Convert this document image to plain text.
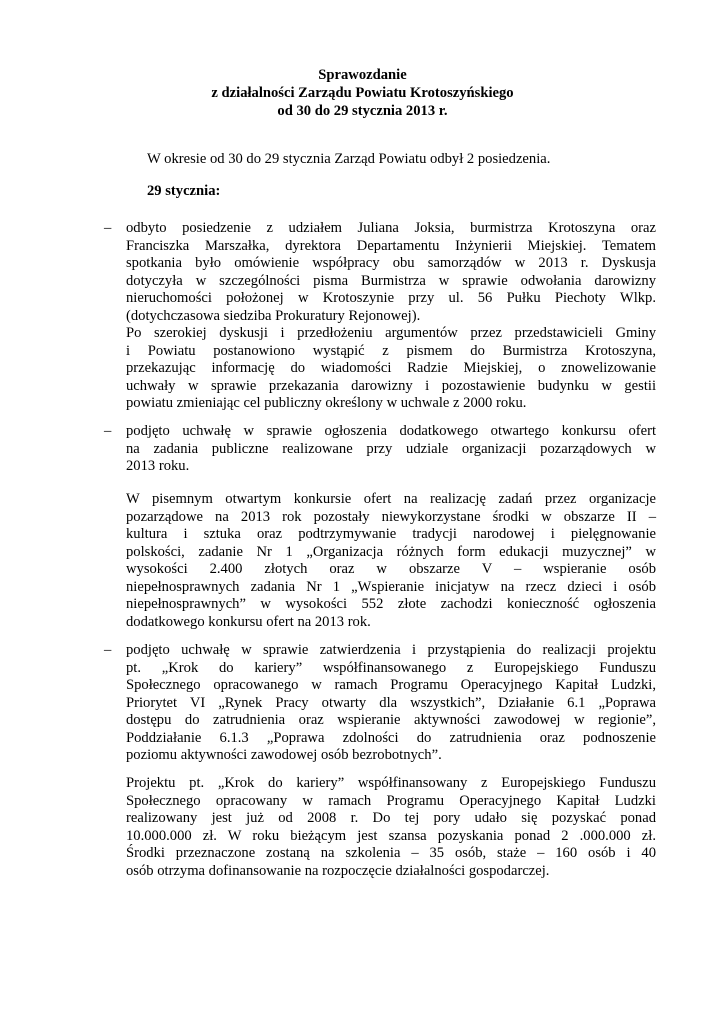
Sprawozdanie
z działalności Zarządu Powiatu Krotoszyńskiego
od 30 do 29 stycznia 2013 r.
W okresie od 30 do 29 stycznia Zarząd Powiatu odbył 2 posiedzenia.
29 stycznia:
–	odbyto posiedzenie z udziałem Juliana Joksia, burmistrza Krotoszyna oraz
Franciszka Marszałka, dyrektora Departamentu Inżynierii Miejskiej. Tematem
spotkania było omówienie współpracy obu samorządów w 2013 r. Dyskusja
dotyczyła w szczególności pisma Burmistrza w sprawie odwołania darowizny
nieruchomości położonej w Krotoszynie przy ul. 56 Pułku Piechoty Wlkp.
(dotychczasowa siedziba Prokuratury Rejonowej).
Po szerokiej dyskusji i przedłożeniu argumentów przez przedstawicieli Gminy
i Powiatu postanowiono wystąpić z pismem do Burmistrza Krotoszyna,
przekazując informację do wiadomości Radzie Miejskiej, o znowelizowanie
uchwały w sprawie przekazania darowizny i pozostawienie budynku w gestii
powiatu zmieniając cel publiczny określony w uchwale z 2000 roku.
–	podjęto uchwałę w sprawie ogłoszenia dodatkowego otwartego konkursu ofert
na zadania publiczne realizowane przy udziale organizacji pozarządowych w
2013 roku.
W pisemnym otwartym konkursie ofert na realizację zadań przez organizacje
pozarządowe na 2013 rok pozostały niewykorzystane środki w obszarze II –
kultura i sztuka oraz podtrzymywanie tradycji narodowej i pielęgnowanie
polskości, zadanie Nr 1 „Organizacja różnych form edukacji muzycznej” w
wysokości 2.400 złotych oraz w obszarze V – wspieranie osób
niepełnosprawnych zadania Nr 1 „Wspieranie inicjatyw na rzecz dzieci i osób
niepełnosprawnych” w wysokości 552 złote zachodzi konieczność ogłoszenia
dodatkowego konkursu ofert na 2013 rok.
–	podjęto uchwałę w sprawie zatwierdzenia i przystąpienia do realizacji projektu
pt. „Krok do kariery” współfinansowanego z Europejskiego Funduszu
Społecznego opracowanego w ramach Programu Operacyjnego Kapitał Ludzki,
Priorytet VI „Rynek Pracy otwarty dla wszystkich”, Działanie 6.1 „Poprawa
dostępu do zatrudnienia oraz wspieranie aktywności zawodowej w regionie”,
Poddziałanie 6.1.3 „Poprawa zdolności do zatrudnienia oraz podnoszenie
poziomu aktywności zawodowej osób bezrobotnych”.
Projektu pt. „Krok do kariery” współfinansowany z Europejskiego Funduszu
Społecznego opracowany w ramach Programu Operacyjnego Kapitał Ludzki
realizowany jest już od 2008 r. Do tej pory udało się pozyskać ponad
10.000.000 zł. W roku bieżącym jest szansa pozyskania ponad 2 .000.000 zł.
Środki przeznaczone zostaną na szkolenia – 35 osób, staże – 160 osób i 40
osób otrzyma dofinansowanie na rozpoczęcie działalności gospodarczej.
